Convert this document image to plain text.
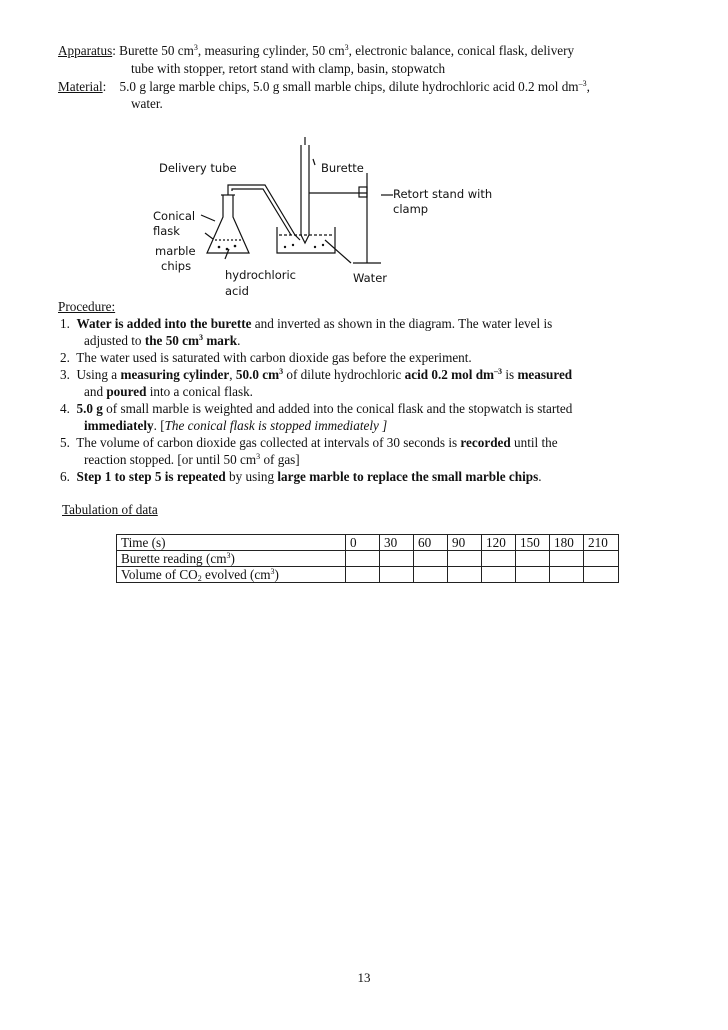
Apparatus: Burette 50 $cm^3$, measuring cylinder, 50 $cm^3$, electronic balance, conical flask, delivery
tube with stopper, retort stand with clamp, basin, stopwatch
Material:    5.0 g large marble chips, 5.0 g small marble chips, dilute hydrochloric acid 0.2 mol $dm^{-3}$,
water.
Delivery tube	Burette
Retort stand with
clamp
Conical
flask
marble
chips
hydrochloric
acid
Water
Procedure:
1. Water is added into the burette and inverted as shown in the diagram. The water level is
adjusted to the 50 $cm^3$ mark.
2. The water used is saturated with carbon dioxide gas before the experiment.
3. Using a measuring cylinder, 50.0 $cm^3$ of dilute hydrochloric acid 0.2 mol $dm^{-3}$ is measured
and poured into a conical flask.
4. 5.0 g of small marble is weighted and added into the conical flask and the stopwatch is started
immediately. [The conical flask is stopped immediately ]
5. The volume of carbon dioxide gas collected at intervals of 30 seconds is recorded until the
reaction stopped. [or until 50 $cm^3$ of gas]
6. Step 1 to step 5 is repeated by using large marble to replace the small marble chips.
Tabulation of data
Time (s)	0	30	60	90	120	150	180	210
Burette reading $(cm^3)$								
Volume of $CO_2$ evolved $(cm^3)$								
13
